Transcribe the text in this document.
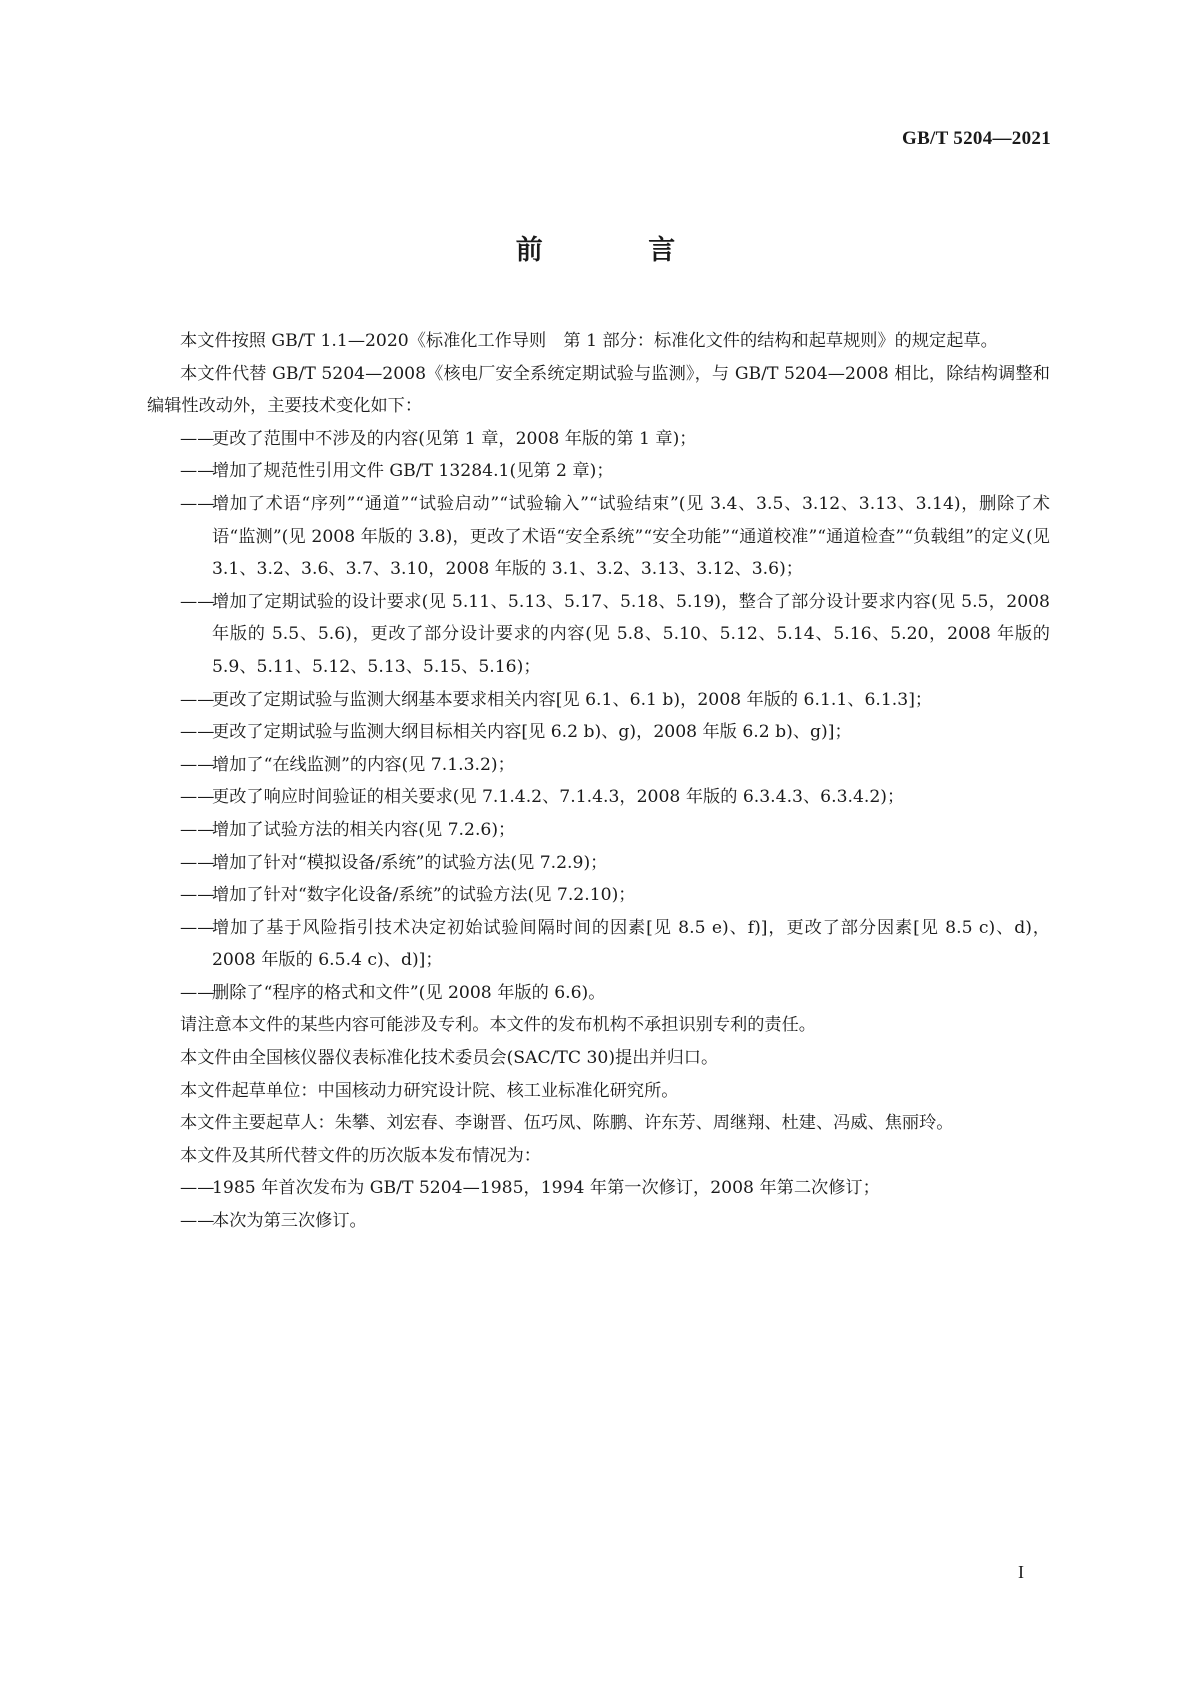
GB/T 5204—2021
前 言

本文件按照 GB/T 1.1—2020《标准化工作导则　第 1 部分：标准化文件的结构和起草规则》的规定起草。

本文件代替 GB/T 5204—2008《核电厂安全系统定期试验与监测》，与 GB/T 5204—2008 相比，除结构调整和编辑性改动外，主要技术变化如下：

——
更改了范围中不涉及的内容(见第 1 章，2008 年版的第 1 章)；

——
增加了规范性引用文件 GB/T 13284.1(见第 2 章)；

——
增加了术语“序列”“通道”“试验启动”“试验输入”“试验结束”(见 3.4、3.5、3.12、3.13、3.14)，删除了术语“监测”(见 2008 年版的 3.8)，更改了术语“安全系统”“安全功能”“通道校准”“通道检查”“负载组”的定义(见 3.1、3.2、3.6、3.7、3.10，2008 年版的 3.1、3.2、3.13、3.12、3.6)；

——
增加了定期试验的设计要求(见 5.11、5.13、5.17、5.18、5.19)，整合了部分设计要求内容(见 5.5，2008 年版的 5.5、5.6)，更改了部分设计要求的内容(见 5.8、5.10、5.12、5.14、5.16、5.20，2008 年版的 5.9、5.11、5.12、5.13、5.15、5.16)；

——
更改了定期试验与监测大纲基本要求相关内容[见 6.1、6.1 b)，2008 年版的 6.1.1、6.1.3]；

——
更改了定期试验与监测大纲目标相关内容[见 6.2 b)、g)，2008 年版 6.2 b)、g)]；

——
增加了“在线监测”的内容(见 7.1.3.2)；

——
更改了响应时间验证的相关要求(见 7.1.4.2、7.1.4.3，2008 年版的 6.3.4.3、6.3.4.2)；

——
增加了试验方法的相关内容(见 7.2.6)；

——
增加了针对“模拟设备/系统”的试验方法(见 7.2.9)；

——
增加了针对“数字化设备/系统”的试验方法(见 7.2.10)；

——
增加了基于风险指引技术决定初始试验间隔时间的因素[见 8.5 e)、f)]，更改了部分因素[见 8.5 c)、d)，2008 年版的 6.5.4 c)、d)]；

——
删除了“程序的格式和文件”(见 2008 年版的 6.6)。

请注意本文件的某些内容可能涉及专利。本文件的发布机构不承担识别专利的责任。

本文件由全国核仪器仪表标准化技术委员会(SAC/TC 30)提出并归口。

本文件起草单位：中国核动力研究设计院、核工业标准化研究所。

本文件主要起草人：朱攀、刘宏春、李谢晋、伍巧凤、陈鹏、许东芳、周继翔、杜建、冯威、焦丽玲。

本文件及其所代替文件的历次版本发布情况为：

——
1985 年首次发布为 GB/T 5204—1985，1994 年第一次修订，2008 年第二次修订；

——
本次为第三次修订。

I
